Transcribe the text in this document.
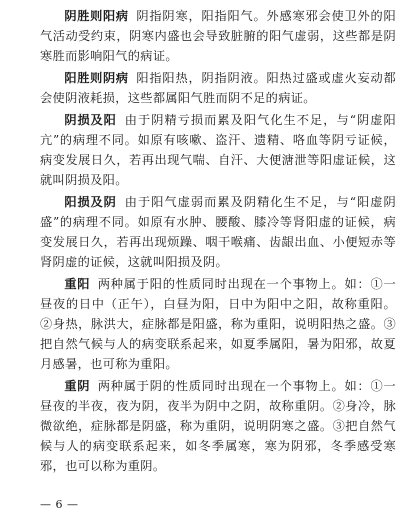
阴胜则阳病 阴指阴寒，阳指阳气。外感寒邪会使卫外的阳气活动受约束，阴寒内盛也会导致脏腑的阳气虚弱，这些都是阴寒胜而影响阳气的病证。

阳胜则阴病 阳指阳热，阴指阴液。阳热过盛或虚火妄动都会使阴液耗损，这些都属阳气胜而阴不足的病证。

阴损及阳 由于阴精亏损而累及阳气化生不足，与“阴虚阳亢”的病理不同。如原有咳嗽、盗汗、遗精、咯血等阴亏证候，病变发展日久，若再出现气喘、自汗、大便溏泄等阳虚证候，这就叫阴损及阳。

阳损及阴 由于阳气虚弱而累及阴精化生不足，与“阳虚阴盛”的病理不同。如原有水肿、腰酸、膝冷等肾阳虚的证候，病变发展日久，若再出现烦躁、咽干喉痛、齿龈出血、小便短赤等肾阴虚的证候，这就叫阳损及阴。

重阳 两种属于阳的性质同时出现在一个事物上。如：①一昼夜的日中（正午），白昼为阳，日中为阳中之阳，故称重阳。②身热，脉洪大，症脉都是阳盛，称为重阳，说明阳热之盛。③把自然气候与人的病变联系起来，如夏季属阳，暑为阳邪，故夏月感暑，也可称为重阳。

重阴 两种属于阴的性质同时出现在一个事物上。如：①一昼夜的半夜，夜为阴，夜半为阴中之阴，故称重阴。②身冷，脉微欲绝，症脉都是阴盛，称为重阴，说明阴寒之盛。③把自然气候与人的病变联系起来，如冬季属寒，寒为阴邪，冬季感受寒邪，也可以称为重阴。

— 6 —
